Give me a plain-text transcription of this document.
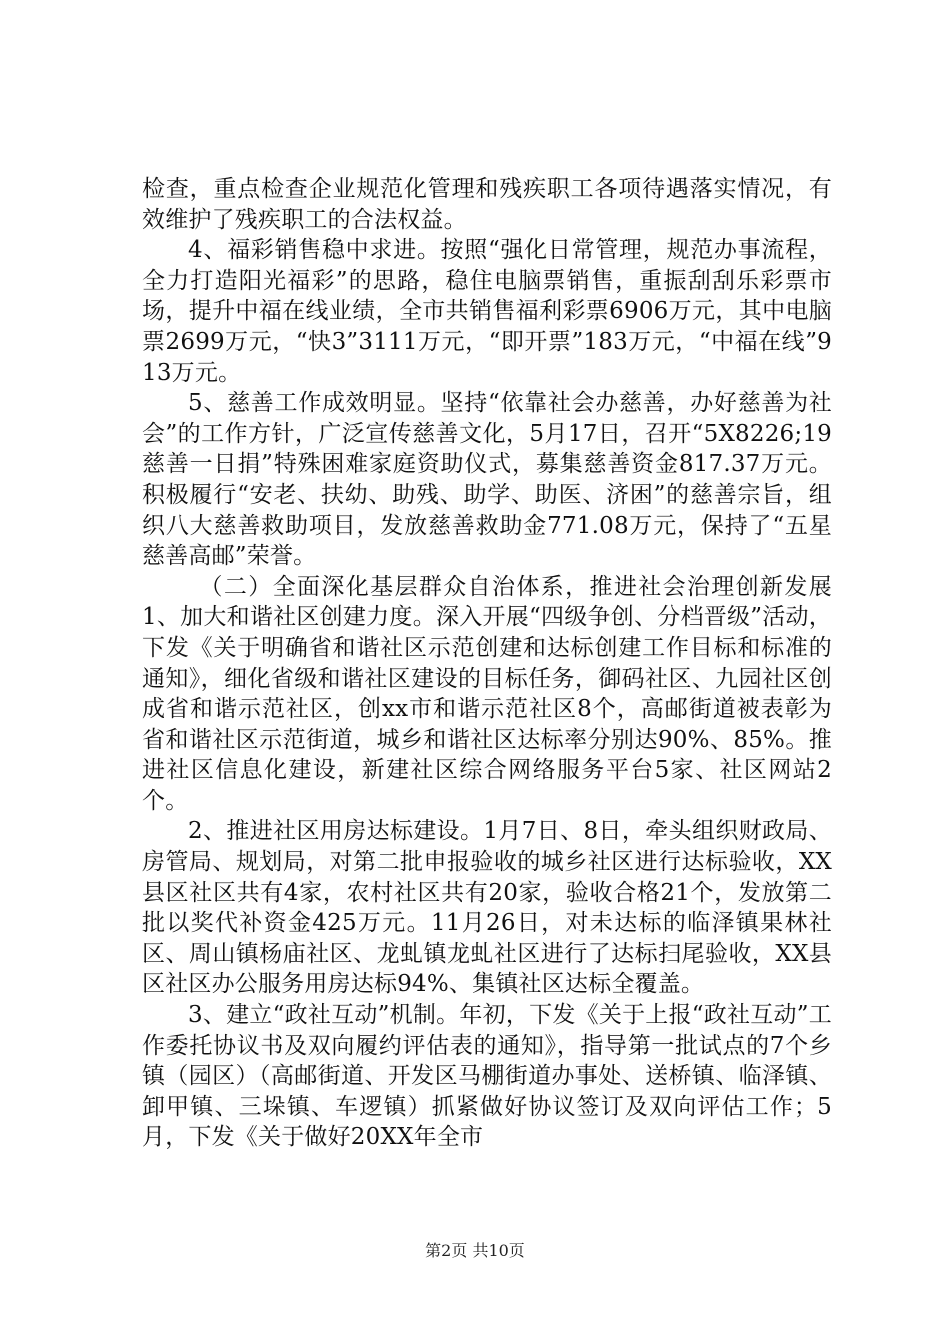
检查，重点检查企业规范化管理和残疾职工各项待遇落实情况，有效维护了残疾职工的合法权益。

4、福彩销售稳中求进。按照“强化日常管理，规范办事流程，全力打造阳光福彩”的思路，稳住电脑票销售，重振刮刮乐彩票市场，提升中福在线业绩，全市共销售福利彩票6906万元，其中电脑票2699万元，“快3”3111万元，“即开票”183万元，“中福在线”913万元。

5、慈善工作成效明显。坚持“依靠社会办慈善，办好慈善为社会”的工作方针，广泛宣传慈善文化，5月17日，召开“5X8226;19慈善一日捐”特殊困难家庭资助仪式，募集慈善资金817.37万元。积极履行“安老、扶幼、助残、助学、助医、济困”的慈善宗旨，组织八大慈善救助项目，发放慈善救助金771.08万元，保持了“五星慈善高邮”荣誉。

（二）全面深化基层群众自治体系，推进社会治理创新发展1、加大和谐社区创建力度。深入开展“四级争创、分档晋级”活动，下发《关于明确省和谐社区示范创建和达标创建工作目标和标准的通知》，细化省级和谐社区建设的目标任务，御码社区、九园社区创成省和谐示范社区，创xx市和谐示范社区8个，高邮街道被表彰为省和谐社区示范街道，城乡和谐社区达标率分别达90%、85%。推进社区信息化建设，新建社区综合网络服务平台5家、社区网站2个。

2、推进社区用房达标建设。1月7日、8日，牵头组织财政局、房管局、规划局，对第二批申报验收的城乡社区进行达标验收，XX县区社区共有4家，农村社区共有20家，验收合格21个，发放第二批以奖代补资金425万元。11月26日，对未达标的临泽镇果林社区、周山镇杨庙社区、龙虬镇龙虬社区进行了达标扫尾验收，XX县区社区办公服务用房达标94%、集镇社区达标全覆盖。

3、建立“政社互动”机制。年初，下发《关于上报“政社互动”工作委托协议书及双向履约评估表的通知》，指导第一批试点的7个乡镇（园区）（高邮街道、开发区马棚街道办事处、送桥镇、临泽镇、卸甲镇、三垛镇、车逻镇）抓紧做好协议签订及双向评估工作；5月，下发《关于做好20XX年全市

第2页 共10页
